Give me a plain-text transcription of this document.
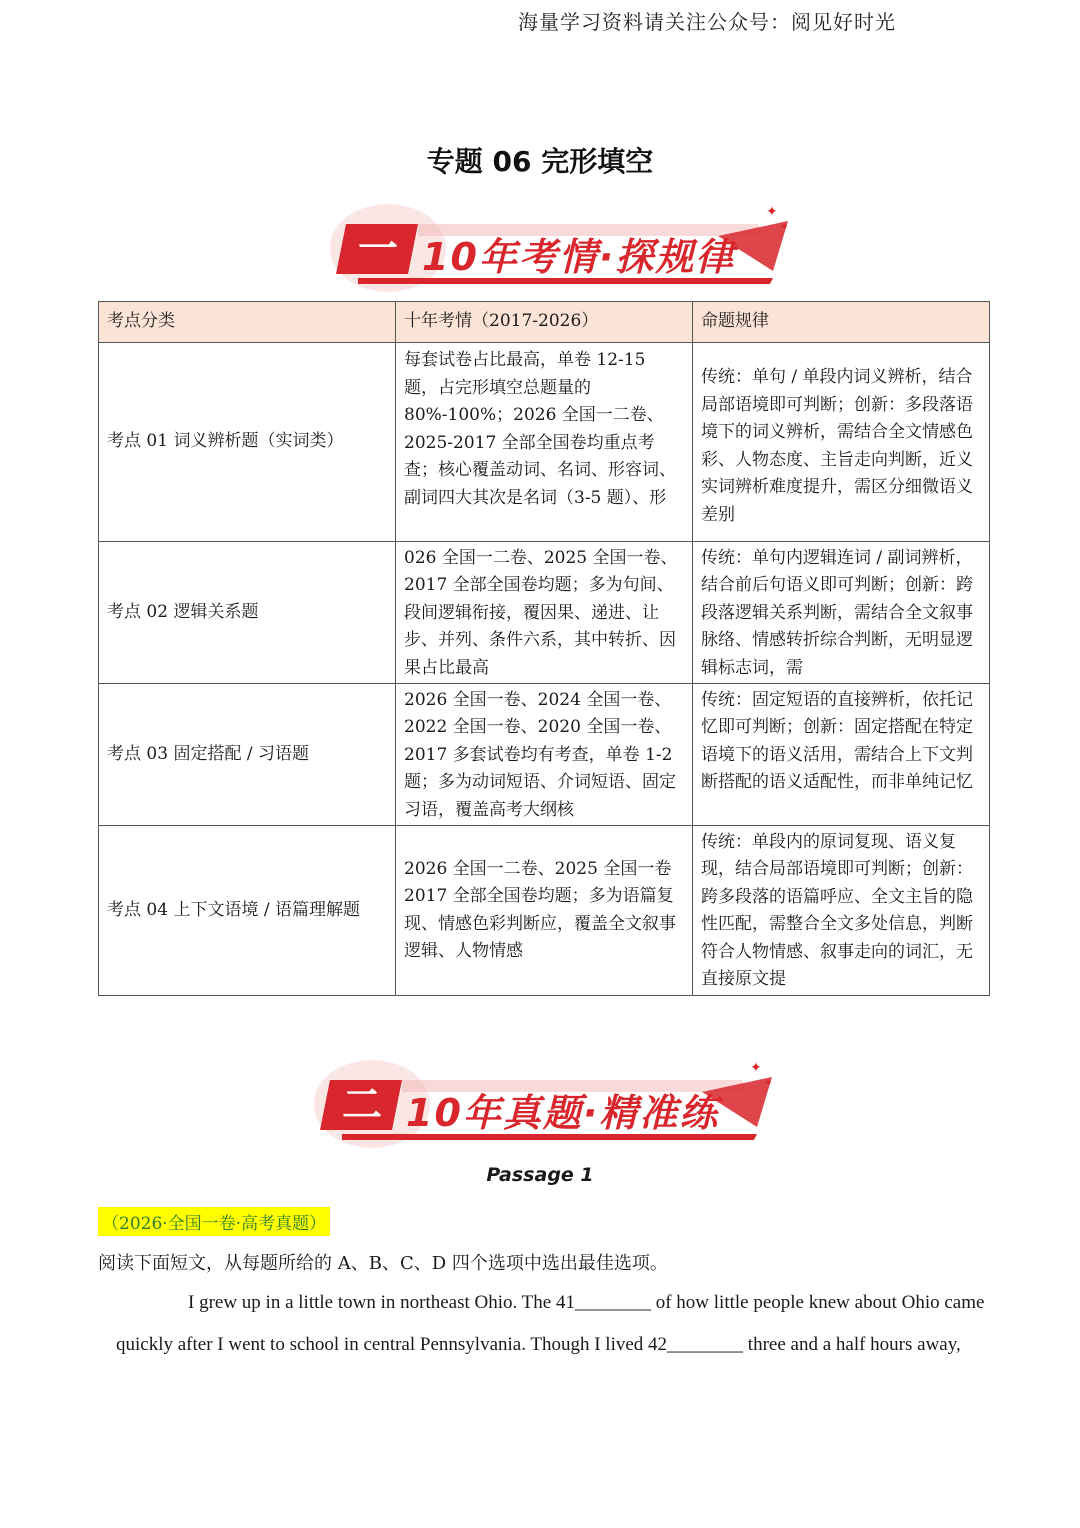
海量学习资料请关注公众号：阅见好时光
专题 06 完形填空
✦
✦
一 10年考情·探规律
考点分类	十年考情（2017-2026）	命题规律
考点 01 词义辨析题（实词类）	每套试卷占比最高，单卷 12-15 题，占完形填空总题量的 80%-100%；2026 全国一二卷、2025-2017 全部全国卷均重点考查；核心覆盖动词、名词、形容词、副词四大其次是名词（3-5 题）、形	传统：单句 / 单段内词义辨析，结合局部语境即可判断；创新：多段落语境下的词义辨析，需结合全文情感色彩、人物态度、主旨走向判断，近义实词辨析难度提升，需区分细微语义差别

考点 02 逻辑关系题	026 全国一二卷、2025 全国一卷、2017 全部全国卷均题；多为句间、段间逻辑衔接，覆因果、递进、让步、并列、条件六系，其中转折、因果占比最高	传统：单句内逻辑连词 / 副词辨析，结合前后句语义即可判断；创新：跨段落逻辑关系判断，需结合全文叙事脉络、情感转折综合判断，无明显逻辑标志词，需

考点 03 固定搭配 / 习语题	2026 全国一卷、2024 全国一卷、2022 全国一卷、2020 全国一卷、2017 多套试卷均有考查，单卷 1-2 题；多为动词短语、介词短语、固定习语，覆盖高考大纲核	传统：固定短语的直接辨析，依托记忆即可判断；创新：固定搭配在特定语境下的语义活用，需结合上下文判断搭配的语义适配性，而非单纯记忆

考点 04 上下文语境 / 语篇理解题	2026 全国一二卷、2025 全国一卷 2017 全部全国卷均题；多为语篇复现、情感色彩判断应，覆盖全文叙事逻辑、人物情感	传统：单段内的原词复现、语义复现，结合局部语境即可判断；创新：跨多段落的语篇呼应、全文主旨的隐性匹配，需整合全文多处信息，判断符合人物情感、叙事走向的词汇，无直接原文提
✦
✦
二 10年真题·精准练
Passage 1
（2026·全国一卷·高考真题）
阅读下面短文，从每题所给的 A、B、C、D 四个选项中选出最佳选项。
I grew up in a little town in northeast Ohio. The 41________ of how little people knew about Ohio came
quickly after I went to school in central Pennsylvania. Though I lived 42________ three and a half hours away,
